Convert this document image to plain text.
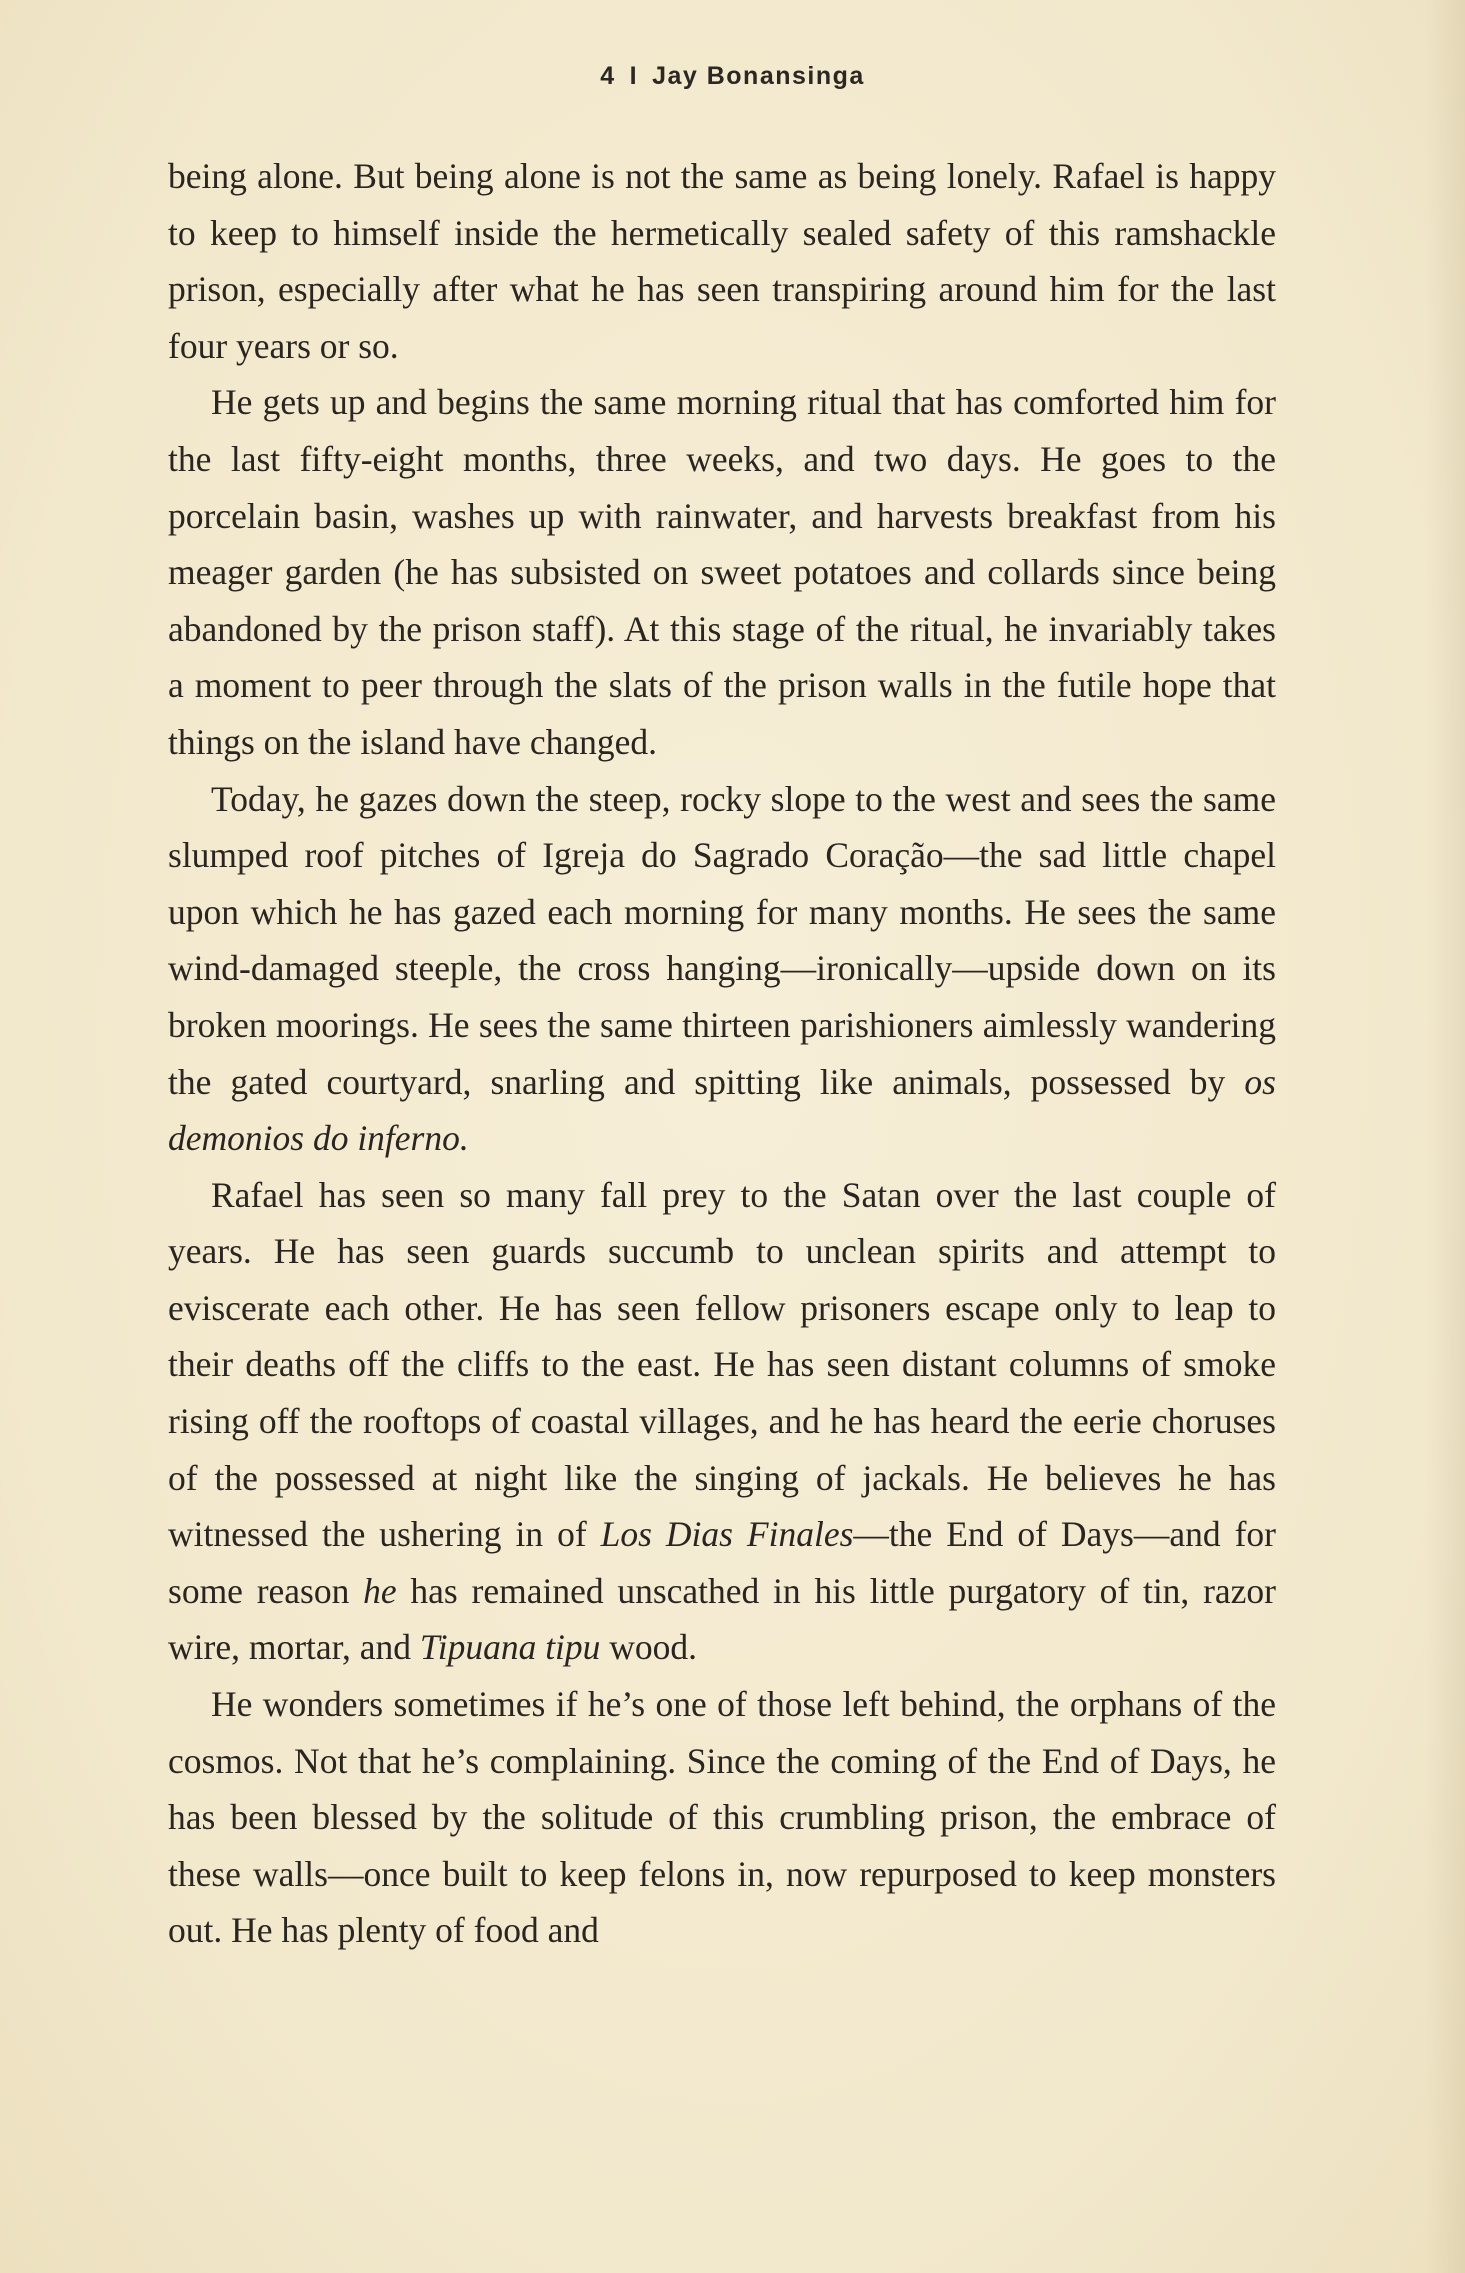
4 I Jay Bonansinga

being alone. But being alone is not the same as being lonely. Rafael is happy to keep to himself inside the hermetically sealed safety of this ramshackle prison, especially after what he has seen transpiring around him for the last four years or so.

He gets up and begins the same morning ritual that has comforted him for the last fifty-eight months, three weeks, and two days. He goes to the porcelain basin, washes up with rainwater, and harvests breakfast from his meager garden (he has subsisted on sweet potatoes and collards since being abandoned by the prison staff). At this stage of the ritual, he invariably takes a moment to peer through the slats of the prison walls in the futile hope that things on the island have changed.

Today, he gazes down the steep, rocky slope to the west and sees the same slumped roof pitches of Igreja do Sagrado Coração—the sad little chapel upon which he has gazed each morning for many months. He sees the same wind-damaged steeple, the cross hanging—ironically—upside down on its broken moorings. He sees the same thirteen parishioners aimlessly wandering the gated courtyard, snarling and spitting like animals, possessed by os demonios do inferno.

Rafael has seen so many fall prey to the Satan over the last couple of years. He has seen guards succumb to unclean spirits and attempt to eviscerate each other. He has seen fellow prisoners escape only to leap to their deaths off the cliffs to the east. He has seen distant columns of smoke rising off the rooftops of coastal villages, and he has heard the eerie choruses of the possessed at night like the singing of jackals. He believes he has witnessed the ushering in of Los Dias Finales—the End of Days—and for some reason he has remained unscathed in his little purgatory of tin, razor wire, mortar, and Tipuana tipu wood.

He wonders sometimes if he’s one of those left behind, the orphans of the cosmos. Not that he’s complaining. Since the coming of the End of Days, he has been blessed by the solitude of this crumbling prison, the embrace of these walls—once built to keep felons in, now repurposed to keep monsters out. He has plenty of food and
